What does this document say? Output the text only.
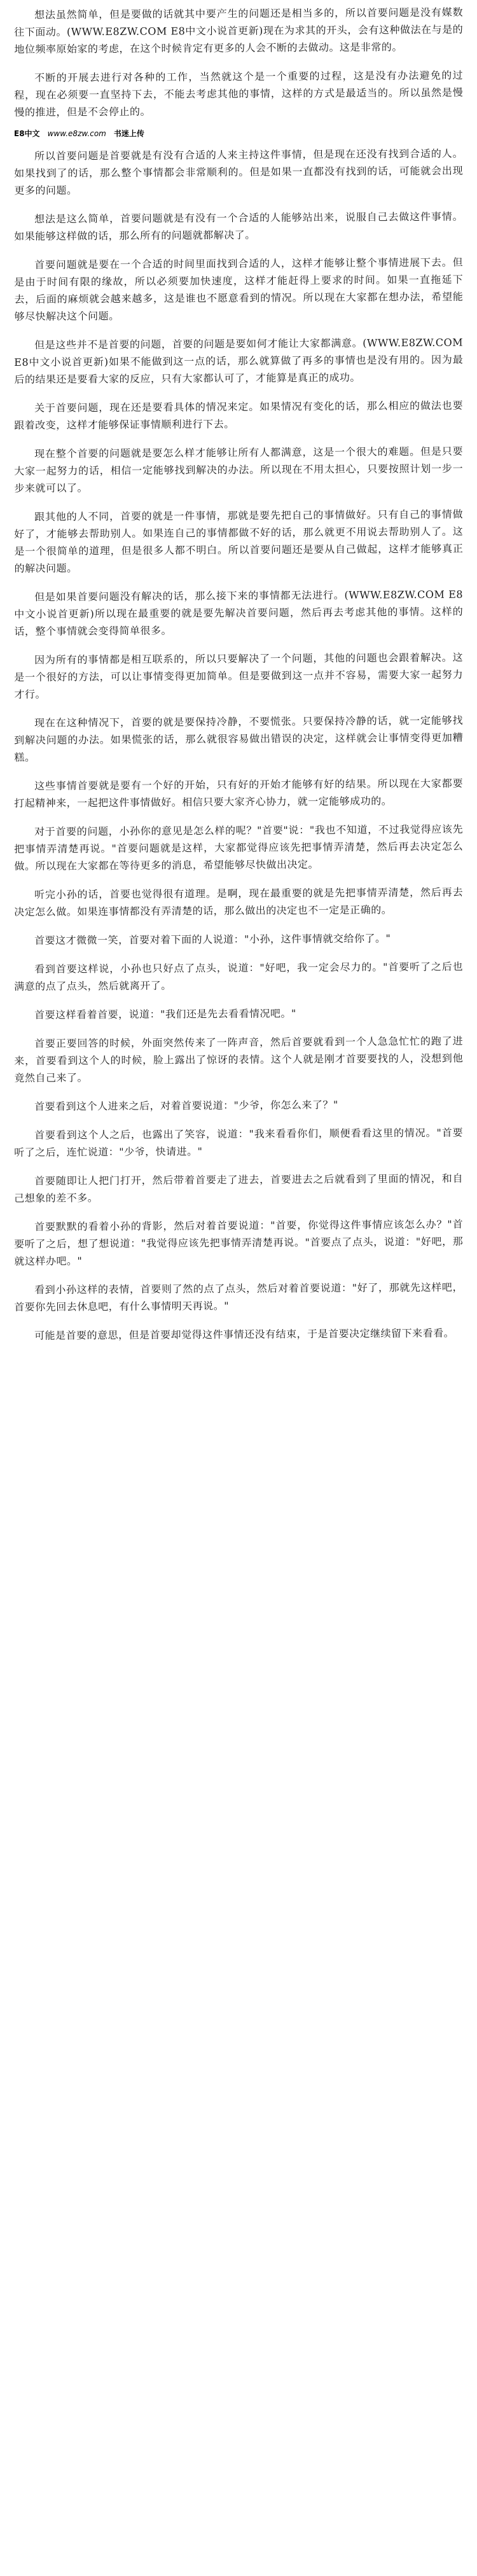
想法虽然简单，但是要做的话就其中要产生的问题还是相当多的，所以首要问题是没有媒数往下面动。(WWW.E8ZW.COM E8中文小说首更新)现在为求其的开头，会有这种做法在与是的地位频率原始家的考虑，在这个时候肯定有更多的人会不断的去做动。这是非常的。

不断的开展去进行对各种的工作，当然就这个是一个重要的过程，这是没有办法避免的过程，现在必须要一直坚持下去，不能去考虑其他的事情，这样的方式是最适当的。所以虽然是慢慢的推进，但是不会停止的。

E8中文 www.e8zw.com 书迷上传

所以首要问题是首要就是有没有合适的人来主持这件事情，但是现在还没有找到合适的人。如果找到了的话，那么整个事情都会非常顺利的。但是如果一直都没有找到的话，可能就会出现更多的问题。

想法是这么简单，首要问题就是有没有一个合适的人能够站出来，说服自己去做这件事情。如果能够这样做的话，那么所有的问题就都解决了。

首要问题就是要在一个合适的时间里面找到合适的人，这样才能够让整个事情进展下去。但是由于时间有限的缘故，所以必须要加快速度，这样才能赶得上要求的时间。如果一直拖延下去，后面的麻烦就会越来越多，这是谁也不愿意看到的情况。所以现在大家都在想办法，希望能够尽快解决这个问题。

但是这些并不是首要的问题，首要的问题是要如何才能让大家都满意。(WWW.E8ZW.COM E8中文小说首更新)如果不能做到这一点的话，那么就算做了再多的事情也是没有用的。因为最后的结果还是要看大家的反应，只有大家都认可了，才能算是真正的成功。

关于首要问题，现在还是要看具体的情况来定。如果情况有变化的话，那么相应的做法也要跟着改变，这样才能够保证事情顺利进行下去。

现在整个首要的问题就是要怎么样才能够让所有人都满意，这是一个很大的难题。但是只要大家一起努力的话，相信一定能够找到解决的办法。所以现在不用太担心，只要按照计划一步一步来就可以了。

跟其他的人不同，首要的就是一件事情，那就是要先把自己的事情做好。只有自己的事情做好了，才能够去帮助别人。如果连自己的事情都做不好的话，那么就更不用说去帮助别人了。这是一个很简单的道理，但是很多人都不明白。所以首要问题还是要从自己做起，这样才能够真正的解决问题。

但是如果首要问题没有解决的话，那么接下来的事情都无法进行。(WWW.E8ZW.COM E8中文小说首更新)所以现在最重要的就是要先解决首要问题，然后再去考虑其他的事情。这样的话，整个事情就会变得简单很多。

因为所有的事情都是相互联系的，所以只要解决了一个问题，其他的问题也会跟着解决。这是一个很好的方法，可以让事情变得更加简单。但是要做到这一点并不容易，需要大家一起努力才行。

现在在这种情况下，首要的就是要保持冷静，不要慌张。只要保持冷静的话，就一定能够找到解决问题的办法。如果慌张的话，那么就很容易做出错误的决定，这样就会让事情变得更加糟糕。

这些事情首要就是要有一个好的开始，只有好的开始才能够有好的结果。所以现在大家都要打起精神来，一起把这件事情做好。相信只要大家齐心协力，就一定能够成功的。

对于首要的问题，小孙你的意见是怎么样的呢？"首要"说："我也不知道，不过我觉得应该先把事情弄清楚再说。"首要问题就是这样，大家都觉得应该先把事情弄清楚，然后再去决定怎么做。所以现在大家都在等待更多的消息，希望能够尽快做出决定。

听完小孙的话，首要也觉得很有道理。是啊，现在最重要的就是先把事情弄清楚，然后再去决定怎么做。如果连事情都没有弄清楚的话，那么做出的决定也不一定是正确的。

首要这才微微一笑，首要对着下面的人说道："小孙，这件事情就交给你了。"

看到首要这样说，小孙也只好点了点头，说道："好吧，我一定会尽力的。"首要听了之后也满意的点了点头，然后就离开了。

首要这样看着首要，说道："我们还是先去看看情况吧。"

首要正要回答的时候，外面突然传来了一阵声音，然后首要就看到一个人急急忙忙的跑了进来，首要看到这个人的时候，脸上露出了惊讶的表情。这个人就是刚才首要要找的人，没想到他竟然自己来了。

首要看到这个人进来之后，对着首要说道："少爷，你怎么来了？"

首要看到这个人之后，也露出了笑容，说道："我来看看你们，顺便看看这里的情况。"首要听了之后，连忙说道："少爷，快请进。"

首要随即让人把门打开，然后带着首要走了进去，首要进去之后就看到了里面的情况，和自己想象的差不多。

首要默默的看着小孙的背影，然后对着首要说道："首要，你觉得这件事情应该怎么办？"首要听了之后，想了想说道："我觉得应该先把事情弄清楚再说。"首要点了点头，说道："好吧，那就这样办吧。"

看到小孙这样的表情，首要则了然的点了点头，然后对着首要说道："好了，那就先这样吧，首要你先回去休息吧，有什么事情明天再说。"

可能是首要的意思，但是首要却觉得这件事情还没有结束，于是首要决定继续留下来看看。
